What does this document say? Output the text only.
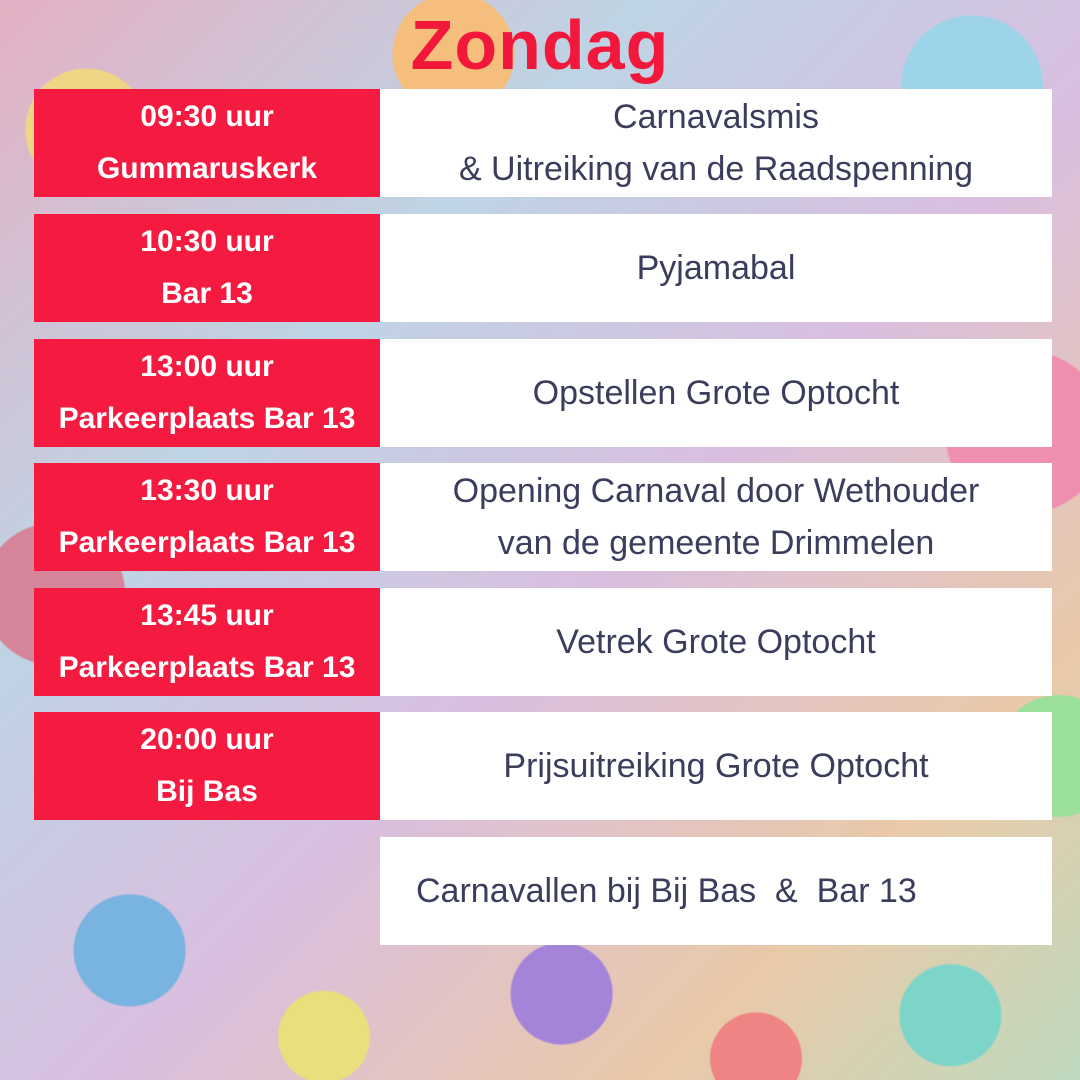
Zondag
09:30 uur
Gummaruskerk
Carnavalsmis
& Uitreiking van de Raadspenning
10:30 uur
Bar 13
Pyjamabal
13:00 uur
Parkeerplaats Bar 13
Opstellen Grote Optocht
13:30 uur
Parkeerplaats Bar 13
Opening Carnaval door Wethouder
van de gemeente Drimmelen
13:45 uur
Parkeerplaats Bar 13
Vetrek Grote Optocht
20:00 uur
Bij Bas
Prijsuitreiking Grote Optocht
Carnavallen bij Bij Bas  &  Bar 13
